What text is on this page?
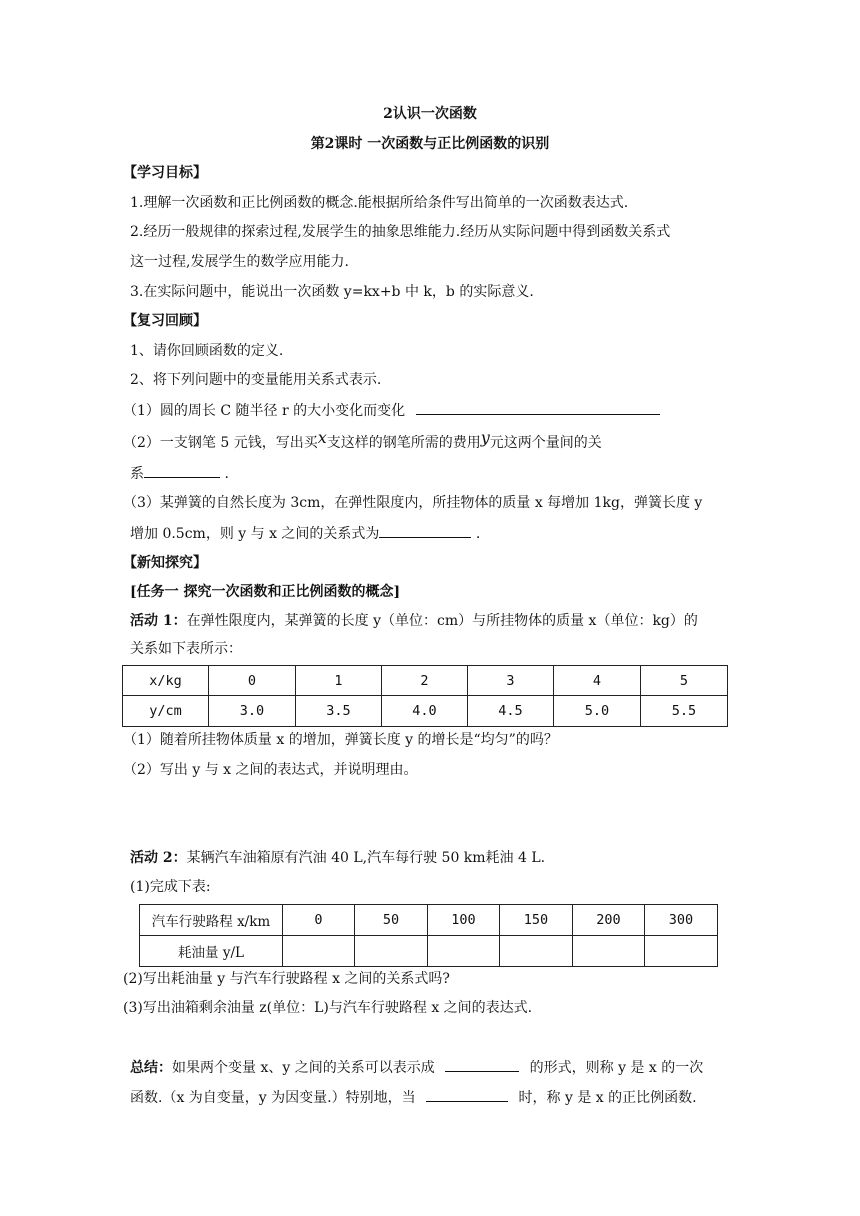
2认识一次函数
第2课时 一次函数与正比例函数的识别
【学习目标】
1.理解一次函数和正比例函数的概念.能根据所给条件写出简单的一次函数表达式.
2.经历一般规律的探索过程,发展学生的抽象思维能力.经历从实际问题中得到函数关系式
这一过程,发展学生的数学应用能力.
3.在实际问题中，能说出一次函数 y=kx+b 中 k，b 的实际意义.
【复习回顾】
1、请你回顾函数的定义.
2、将下列问题中的变量能用关系式表示.
（1）圆的周长 C 随半径 r 的大小变化而变化
（2）一支钢笔 5 元钱，写出买x支这样的钢笔所需的费用y元这两个量间的关
系	.
（3）某弹簧的自然长度为 3cm，在弹性限度内，所挂物体的质量 x 每增加 1kg，弹簧长度 y
增加 0.5cm，则 y 与 x 之间的关系式为	.
【新知探究】
[任务一 探究一次函数和正比例函数的概念]
活动 1：在弹性限度内，某弹簧的长度 y（单位：cm）与所挂物体的质量 x（单位：kg）的
关系如下表所示：
x/kg	0	1	2	3	4	5
y/cm	3.0	3.5	4.0	4.5	5.0	5.5
（1）随着所挂物体质量 x 的增加，弹簧长度 y 的增长是“均匀”的吗？
（2）写出 y 与 x 之间的表达式，并说明理由。
活动 2：某辆汽车油箱原有汽油 40 L,汽车每行驶 50 km耗油 4 L.
(1)完成下表:
汽车行驶路程 x/km	0	50	100	150	200	300
耗油量 y/L						
(2)写出耗油量 y 与汽车行驶路程 x 之间的关系式吗?
(3)写出油箱剩余油量 z(单位：L)与汽车行驶路程 x 之间的表达式.
总结：如果两个变量 x、y 之间的关系可以表示成	的形式，则称 y 是 x 的一次
函数.（x 为自变量，y 为因变量.）特别地，当	时，称 y 是 x 的正比例函数.
